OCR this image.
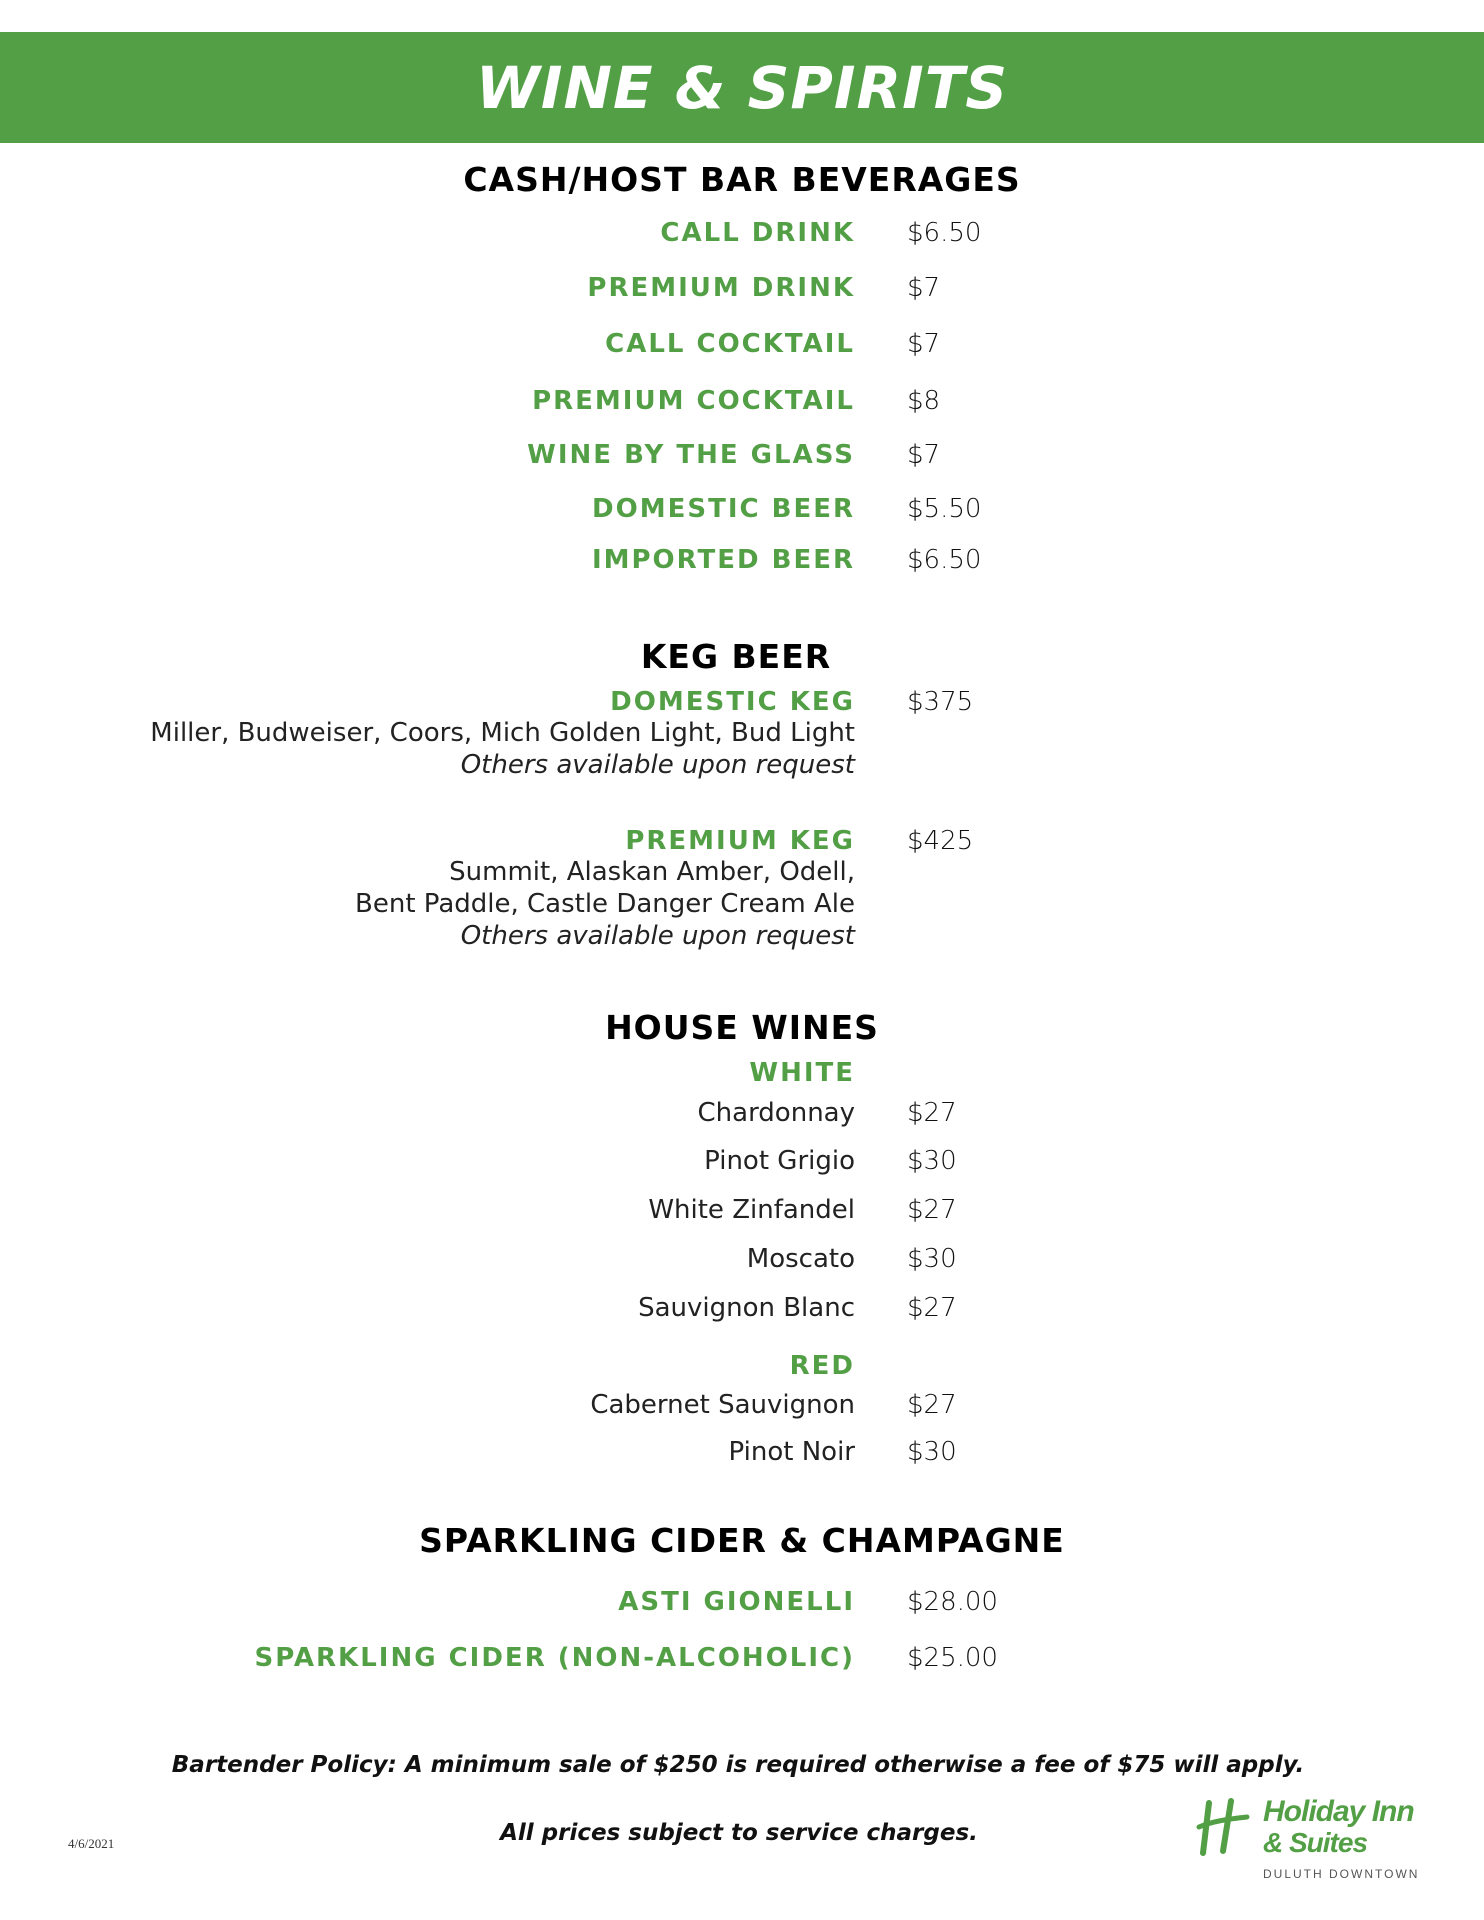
WINE & SPIRITS
CASH/HOST BAR BEVERAGES
CALL DRINK $6.50
PREMIUM DRINK $7
CALL COCKTAIL $7
PREMIUM COCKTAIL $8
WINE BY THE GLASS $7
DOMESTIC BEER $5.50
IMPORTED BEER $6.50
KEG BEER
DOMESTIC KEG $375
Miller, Budweiser, Coors, Mich Golden Light, Bud Light
Others available upon request
PREMIUM KEG $425
Summit, Alaskan Amber, Odell,
Bent Paddle, Castle Danger Cream Ale
Others available upon request
HOUSE WINES
WHITE
Chardonnay $27
Pinot Grigio $30
White Zinfandel $27
Moscato $30
Sauvignon Blanc $27
RED
Cabernet Sauvignon $27
Pinot Noir $30
SPARKLING CIDER & CHAMPAGNE
ASTI GIONELLI $28.00
SPARKLING CIDER (NON-ALCOHOLIC) $25.00
Bartender Policy: A minimum sale of $250 is required otherwise a fee of $75 will apply.
All prices subject to service charges.
4/6/2021
Holiday Inn
& Suites
DULUTH DOWNTOWN
